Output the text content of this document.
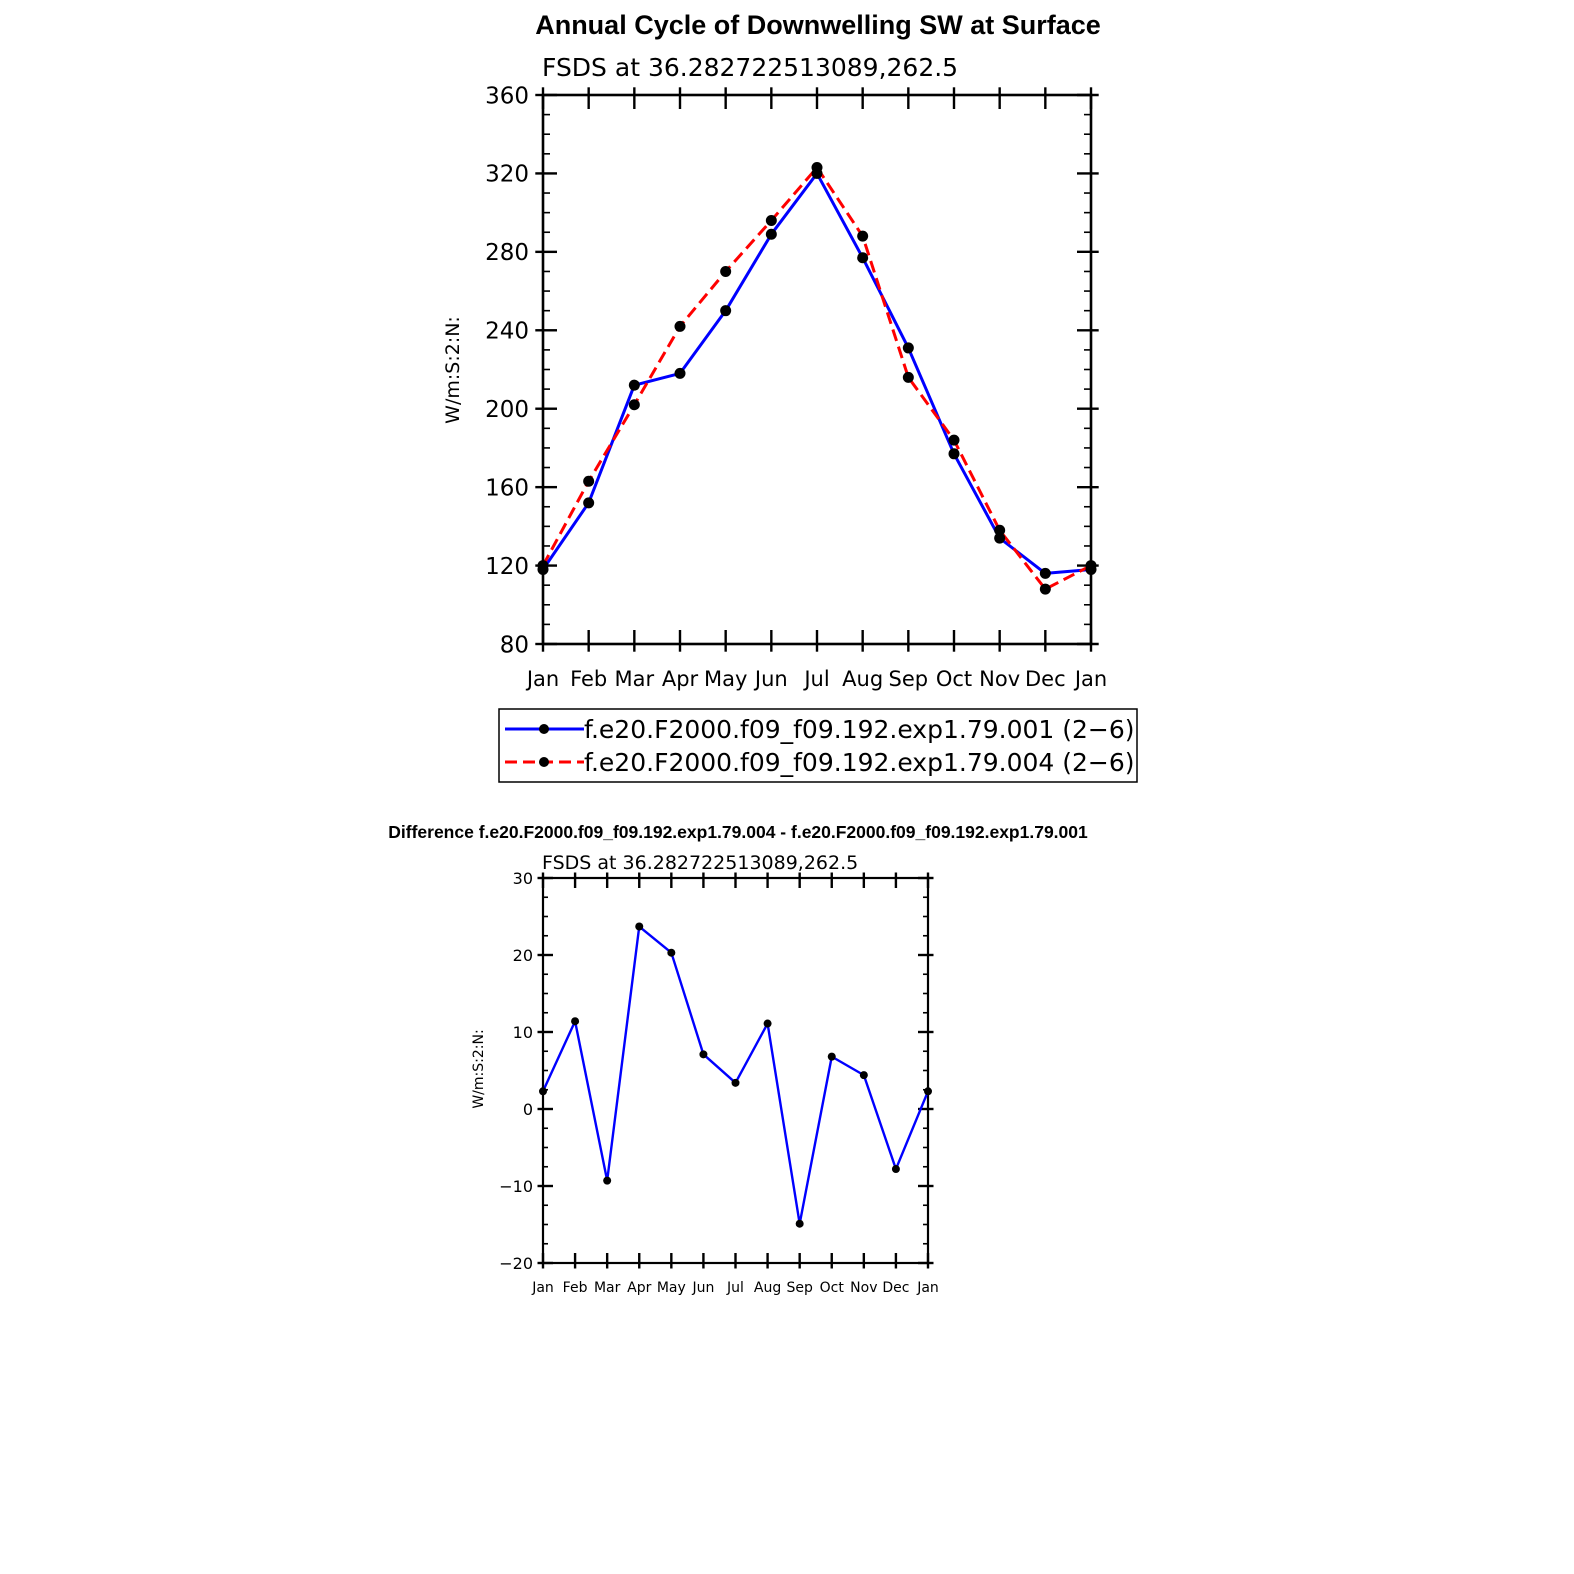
Annual Cycle of Downwelling SW at Surface
FSDS at 36.282722513089,262.5
W/m:S:2:N:
80
120
160
200
240
280
320
360
Jan Feb Mar Apr May Jun Jul Aug Sep Oct Nov Dec Jan
f.e20.F2000.f09_f09.192.exp1.79.001 (2−6)
f.e20.F2000.f09_f09.192.exp1.79.004 (2−6)
Difference f.e20.F2000.f09_f09.192.exp1.79.004 - f.e20.F2000.f09_f09.192.exp1.79.001
FSDS at 36.282722513089,262.5
W/m:S:2:N:
−20
−10
0
10
20
30
Jan Feb Mar Apr May Jun Jul Aug Sep Oct Nov Dec Jan
